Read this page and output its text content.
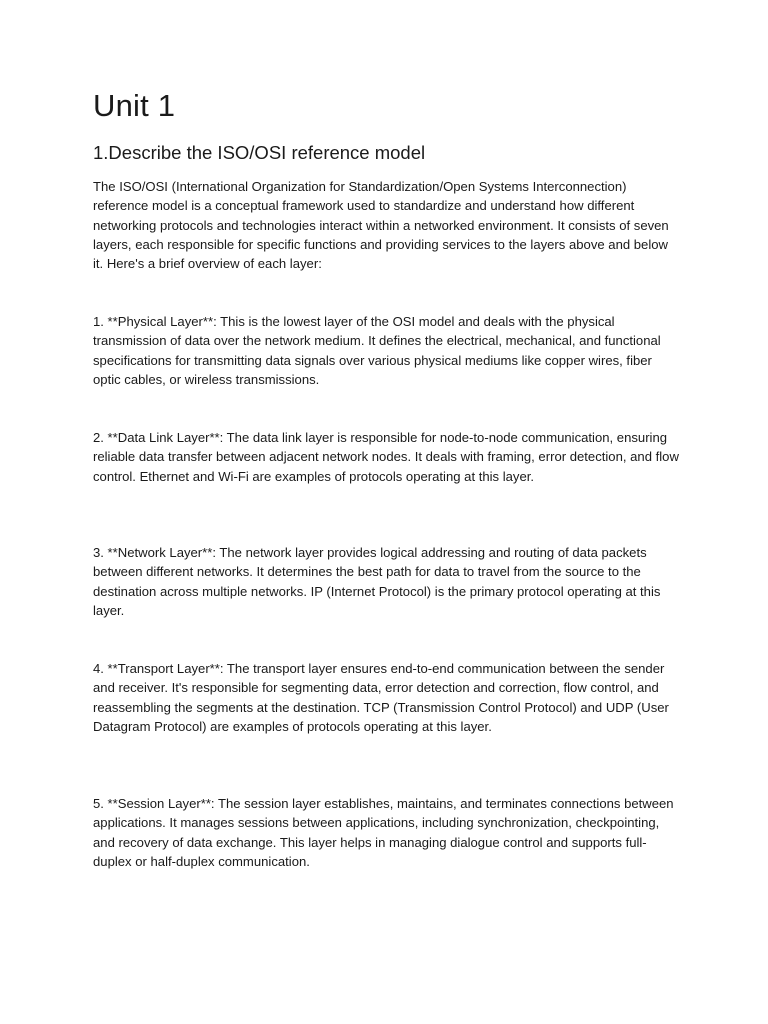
Unit 1
1.Describe the ISO/OSI reference model

The ISO/OSI (International Organization for Standardization/Open Systems Interconnection) reference model is a conceptual framework used to standardize and understand how different networking protocols and technologies interact within a networked environment. It consists of seven layers, each responsible for specific functions and providing services to the layers above and below it. Here's a brief overview of each layer:

1. **Physical Layer**: This is the lowest layer of the OSI model and deals with the physical transmission of data over the network medium. It defines the electrical, mechanical, and functional specifications for transmitting data signals over various physical mediums like copper wires, fiber optic cables, or wireless transmissions.

2. **Data Link Layer**: The data link layer is responsible for node-to-node communication, ensuring reliable data transfer between adjacent network nodes. It deals with framing, error detection, and flow control. Ethernet and Wi-Fi are examples of protocols operating at this layer.

3. **Network Layer**: The network layer provides logical addressing and routing of data packets between different networks. It determines the best path for data to travel from the source to the destination across multiple networks. IP (Internet Protocol) is the primary protocol operating at this layer.

4. **Transport Layer**: The transport layer ensures end-to-end communication between the sender and receiver. It's responsible for segmenting data, error detection and correction, flow control, and reassembling the segments at the destination. TCP (Transmission Control Protocol) and UDP (User Datagram Protocol) are examples of protocols operating at this layer.

5. **Session Layer**: The session layer establishes, maintains, and terminates connections between applications. It manages sessions between applications, including synchronization, checkpointing, and recovery of data exchange. This layer helps in managing dialogue control and supports full-duplex or half-duplex communication.
